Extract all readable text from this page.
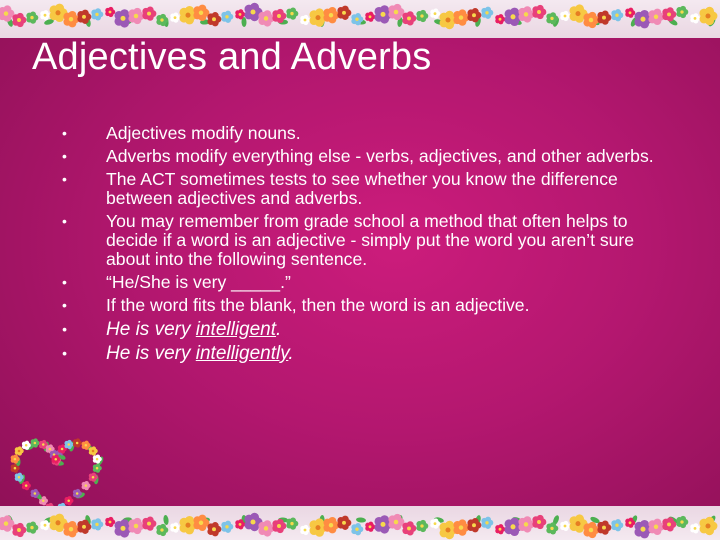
Adjectives and Adverbs
• Adjectives modify nouns.
• Adverbs modify everything else - verbs, adjectives, and other adverbs.
• The ACT sometimes tests to see whether you know the difference between adjectives and adverbs.
• You may remember from grade school a method that often helps to decide if a word is an adjective - simply put the word you aren’t sure about into the following sentence.
• “He/She is very _____.”
• If the word fits the blank, then the word is an adjective.
• He is very intelligent.
• He is very intelligently.
